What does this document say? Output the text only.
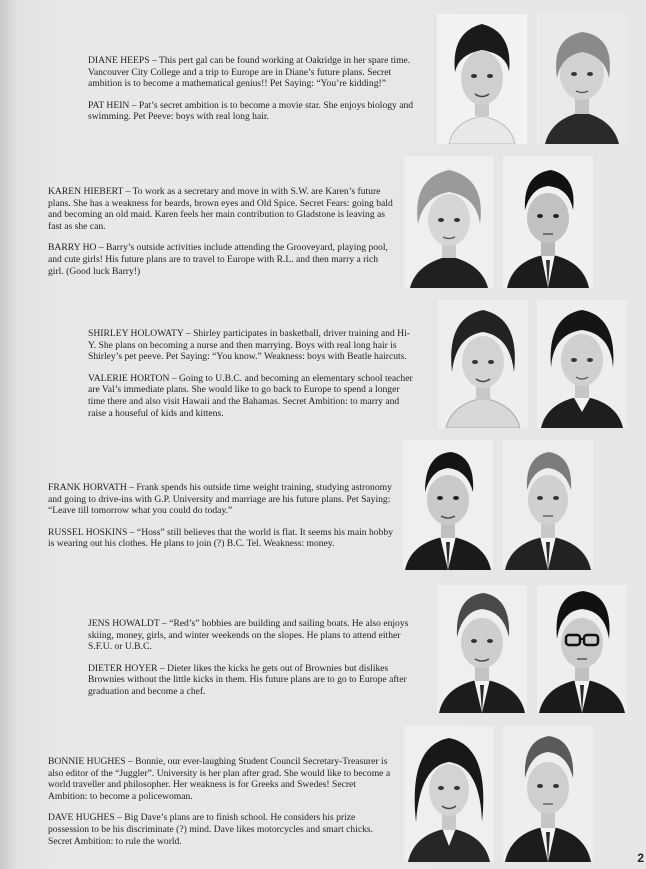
DIANE HEEPS – This pert gal can be found working at Oakridge in her spare time. Vancouver City College and a trip to Europe are in Diane’s future plans. Secret ambition is to become a mathematical genius!! Pet Saying: “You’re kidding!”

PAT HEIN – Pat’s secret ambition is to become a movie star. She enjoys biology and swimming. Pet Peeve: boys with real long hair.

KAREN HIEBERT – To work as a secretary and move in with S.W. are Karen’s future plans. She has a weakness for beards, brown eyes and Old Spice. Secret Fears: going bald and becoming an old maid. Karen feels her main contribution to Gladstone is leaving as fast as she can.

BARRY HO – Barry’s outside activities include attending the Grooveyard, playing pool, and cute girls! His future plans are to travel to Europe with R.L. and then marry a rich girl. (Good luck Barry!)

SHIRLEY HOLOWATY – Shirley participates in basketball, driver training and Hi-Y. She plans on becoming a nurse and then marrying. Boys with real long hair is Shirley’s pet peeve. Pet Saying: “You know.” Weakness: boys with Beatle haircuts.

VALERIE HORTON – Going to U.B.C. and becoming an elementary school teacher are Val’s immediate plans. She would like to go back to Europe to spend a longer time there and also visit Hawaii and the Bahamas. Secret Ambition: to marry and raise a houseful of kids and kittens.

FRANK HORVATH – Frank spends his outside time weight training, studying astronomy and going to drive-ins with G.P. University and marriage are his future plans. Pet Saying: “Leave till tomorrow what you could do today.”

RUSSEL HOSKINS – “Hoss” still believes that the world is flat. It seems his main hobby is wearing out his clothes. He plans to join (?) B.C. Tel. Weakness: money.

JENS HOWALDT – “Red’s” hobbies are building and sailing boats. He also enjoys skiing, money, girls, and winter weekends on the slopes. He plans to attend either S.F.U. or U.B.C.

DIETER HOYER – Dieter likes the kicks he gets out of Brownies but dislikes Brownies without the little kicks in them. His future plans are to go to Europe after graduation and become a chef.

BONNIE HUGHES – Bonnie, our ever-laughing Student Council Secretary-Treasurer is also editor of the “Juggler”. University is her plan after grad. She would like to become a world traveller and philosopher. Her weakness is for Greeks and Swedes! Secret Ambition: to become a policewoman.

DAVE HUGHES – Big Dave’s plans are to finish school. He considers his prize possession to be his discriminate (?) mind. Dave likes motorcycles and smart chicks. Secret Ambition: to rule the world.

2
